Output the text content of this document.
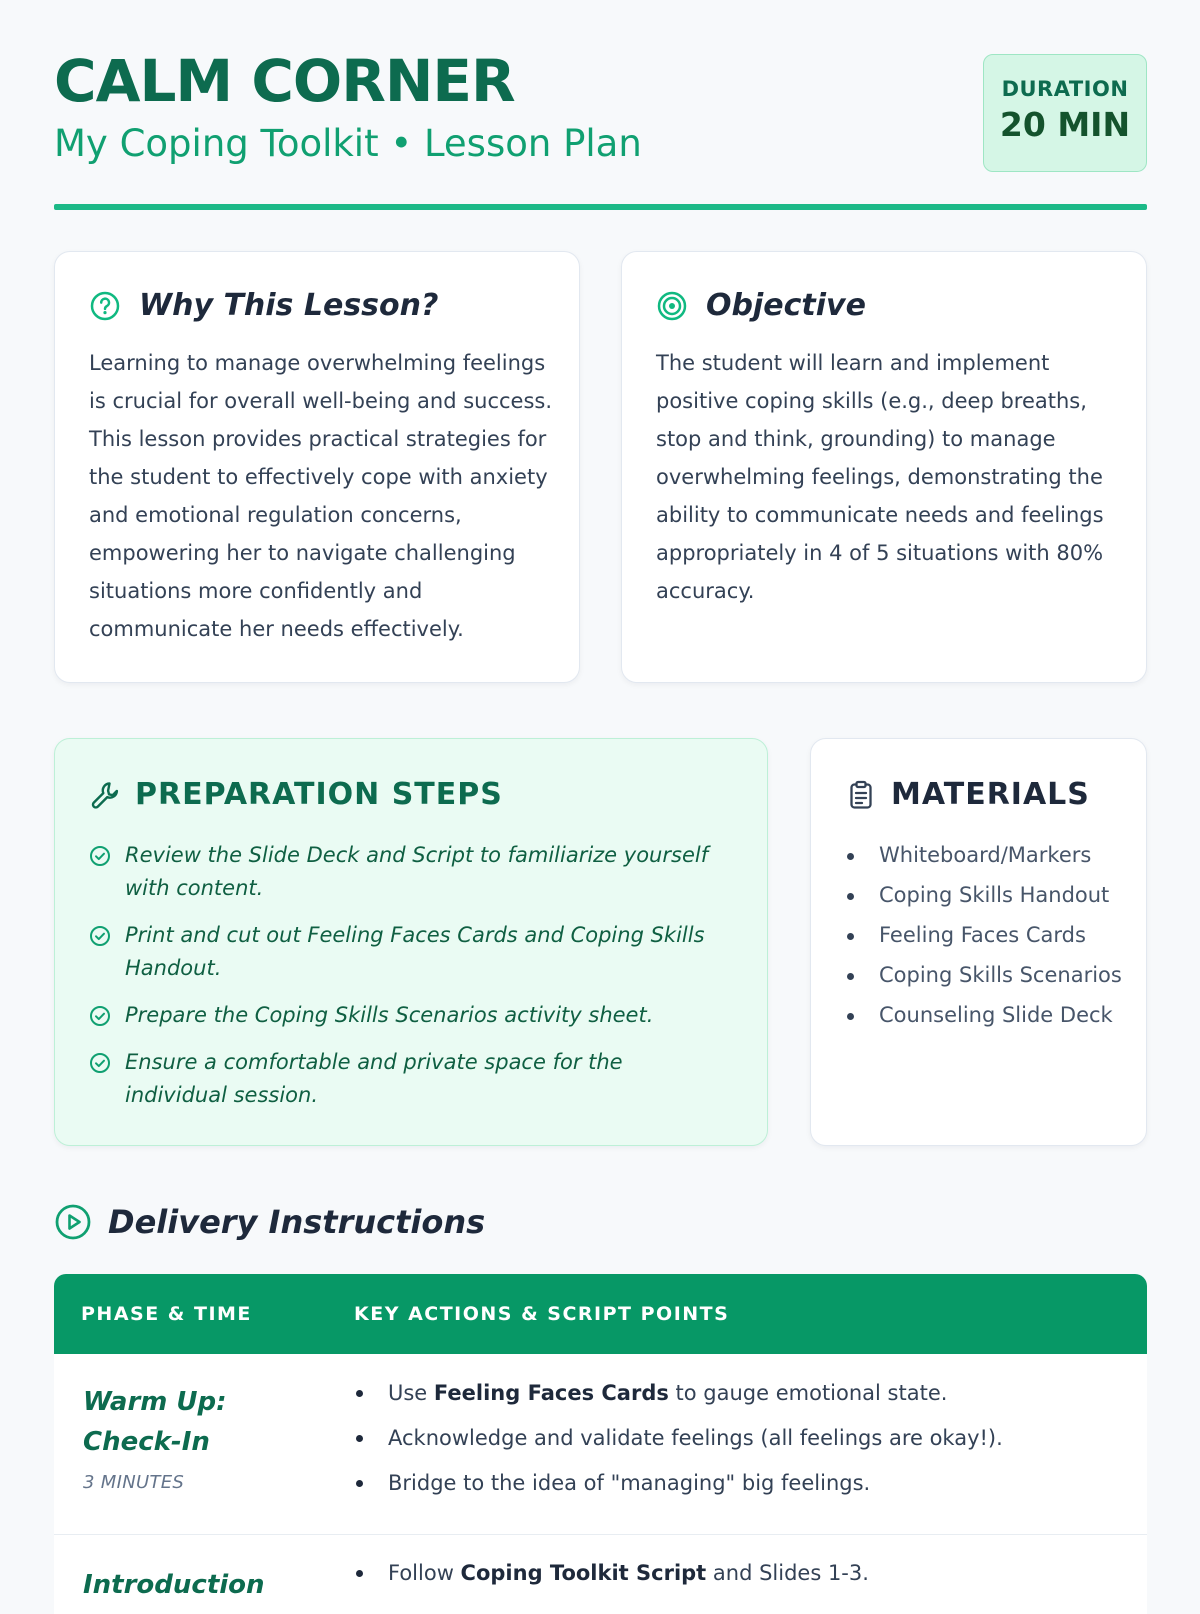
CALM CORNER

My Coping Toolkit • Lesson Plan

DURATION
20 MIN
Why This Lesson?

Learning to manage overwhelming feelings is crucial for overall well-being and success. This lesson provides practical strategies for the student to effectively cope with anxiety and emotional regulation concerns, empowering her to navigate challenging situations more confidently and communicate her needs effectively.

Objective

The student will learn and implement positive coping skills (e.g., deep breaths, stop and think, grounding) to manage overwhelming feelings, demonstrating the ability to communicate needs and feelings appropriately in 4 of 5 situations with 80% accuracy.

PREPARATION STEPS
Review the Slide Deck and Script to familiarize yourself with content.
Print and cut out Feeling Faces Cards and Coping Skills Handout.
Prepare the Coping Skills Scenarios activity sheet.
Ensure a comfortable and private space for the individual session.
MATERIALS
Whiteboard/Markers
Coping Skills Handout
Feeling Faces Cards
Coping Skills Scenarios
Counseling Slide Deck
Delivery Instructions
PHASE & TIME	KEY ACTIONS & SCRIPT POINTS

Warm Up: Check-In

3 MINUTES
Use Feeling Faces Cards to gauge emotional state.
Acknowledge and validate feelings (all feelings are okay!).
Bridge to the idea of "managing" big feelings.

Introduction	Follow Coping Toolkit Script and Slides 1-3.
